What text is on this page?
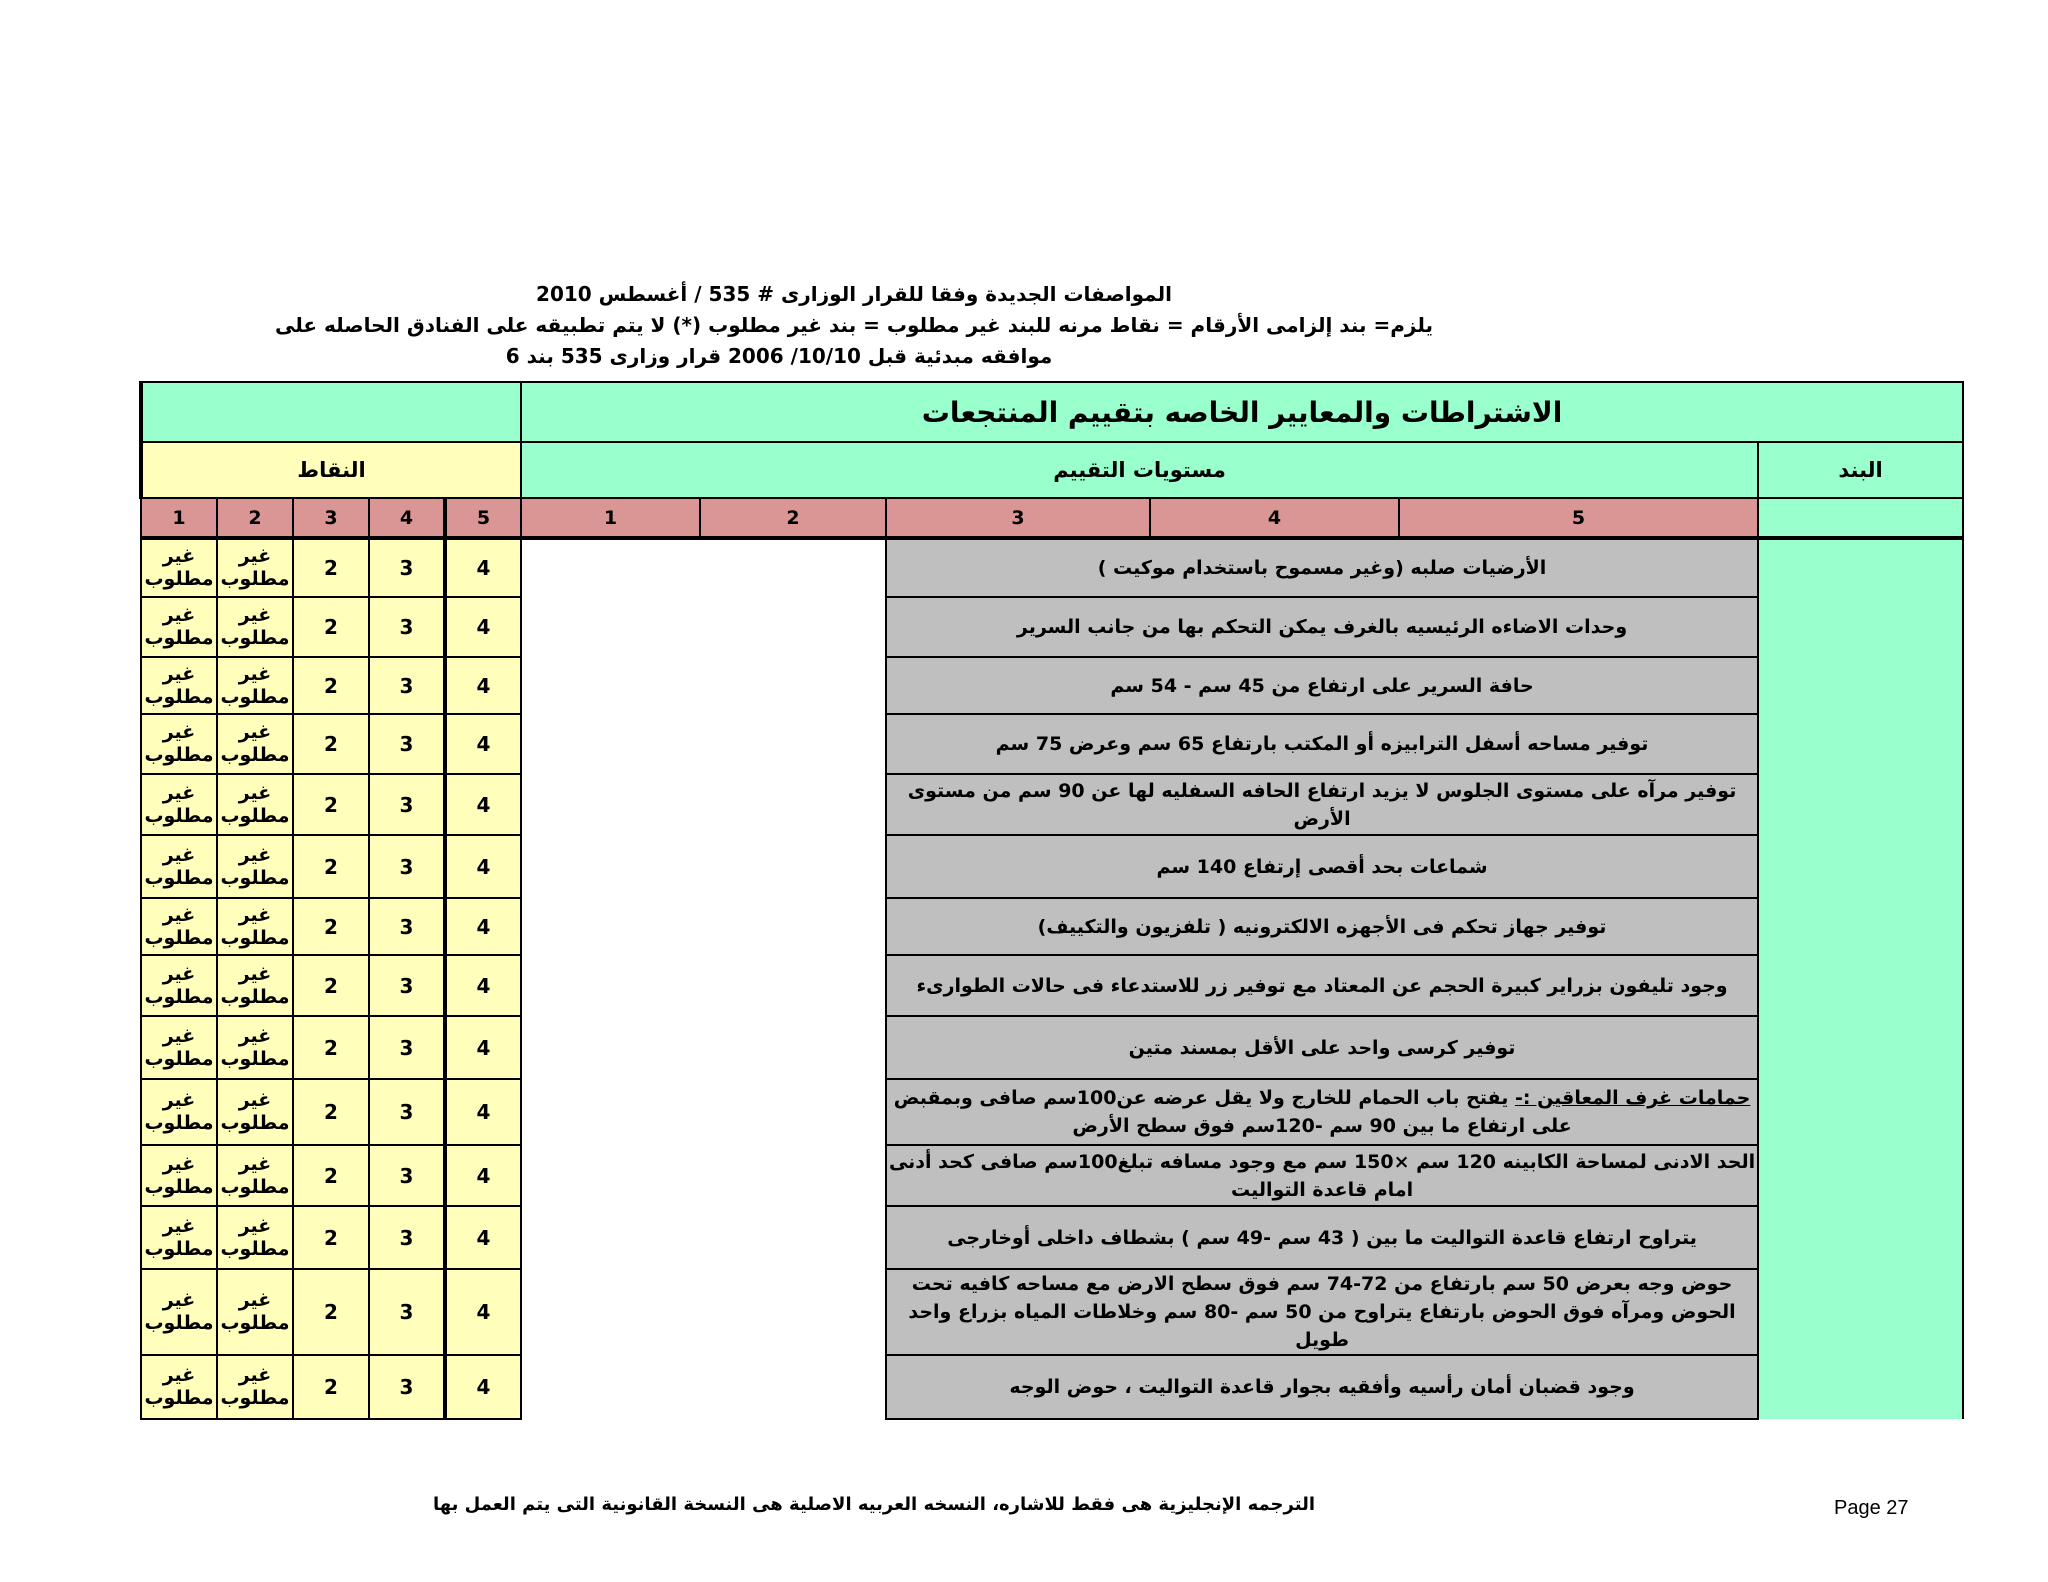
المواصفات الجديدة وفقا للقرار الوزارى # 535 / أغسطس 2010
يلزم= بند إلزامى الأرقام = نقاط مرنه للبند غير مطلوب = بند غير مطلوب (*) لا يتم تطبيقه على الفنادق الحاصله على
موافقه مبدئية قبل 10/10/ 2006 قرار وزارى 535 بند 6
					الاشتراطات والمعايير الخاصه بتقييم المنتجعات					
النقاط					مستويات التقييم					البند
1	2	3	4	5	1	2	3	4	5	
غير مطلوب	غير مطلوب	2	3	4			الأرضيات صلبه (وغير مسموح باستخدام موكيت )			
غير مطلوب	غير مطلوب	2	3	4			وحدات الاضاءه الرئيسيه بالغرف يمكن التحكم بها من جانب السرير			
غير مطلوب	غير مطلوب	2	3	4			حافة السرير على ارتفاع من 45 سم - 54 سم			
غير مطلوب	غير مطلوب	2	3	4			توفير مساحه أسفل الترابيزه أو المكتب بارتفاع 65 سم وعرض 75 سم			
غير مطلوب	غير مطلوب	2	3	4			توفير مرآه على مستوى الجلوس لا يزيد ارتفاع الحافه السفليه لها عن 90 سم من مستوى الأرض			
غير مطلوب	غير مطلوب	2	3	4			شماعات بحد أقصى إرتفاع 140 سم			
غير مطلوب	غير مطلوب	2	3	4			توفير جهاز تحكم فى الأجهزه الالكترونيه ( تلفزيون والتكييف)			
غير مطلوب	غير مطلوب	2	3	4			وجود تليفون بزراير كبيرة الحجم عن المعتاد مع توفير زر للاستدعاء فى حالات الطوارىء			
غير مطلوب	غير مطلوب	2	3	4			توفير كرسى واحد على الأقل بمسند متين			
غير مطلوب	غير مطلوب	2	3	4			حمامات غرف المعاقين :- يفتح باب الحمام للخارج ولا يقل عرضه عن100سم صافى وبمقبض على ارتفاع ما بين 90 سم -120سم فوق سطح الأرض			
غير مطلوب	غير مطلوب	2	3	4			الحد الادنى لمساحة الكابينه 120 سم ×150 سم مع وجود مسافه تبلغ100سم صافى كحد أدنى امام قاعدة التواليت			
غير مطلوب	غير مطلوب	2	3	4			يتراوح ارتفاع قاعدة التواليت ما بين ( 43 سم -49 سم ) بشطاف داخلى أوخارجى			
غير مطلوب	غير مطلوب	2	3	4			حوض وجه بعرض 50 سم بارتفاع من 72-74 سم فوق سطح الارض مع مساحه كافيه تحت الحوض ومرآه فوق الحوض بارتفاع يتراوح من 50 سم -80 سم وخلاطات المياه بزراع واحد طويل			
غير مطلوب	غير مطلوب	2	3	4			وجود قضبان أمان رأسيه وأفقيه بجوار قاعدة التواليت ، حوض الوجه			
الترجمه الإنجليزية هى فقط للاشاره، النسخه العربيه الاصلية هى النسخة القانونية التى يتم العمل بها	Page 27
